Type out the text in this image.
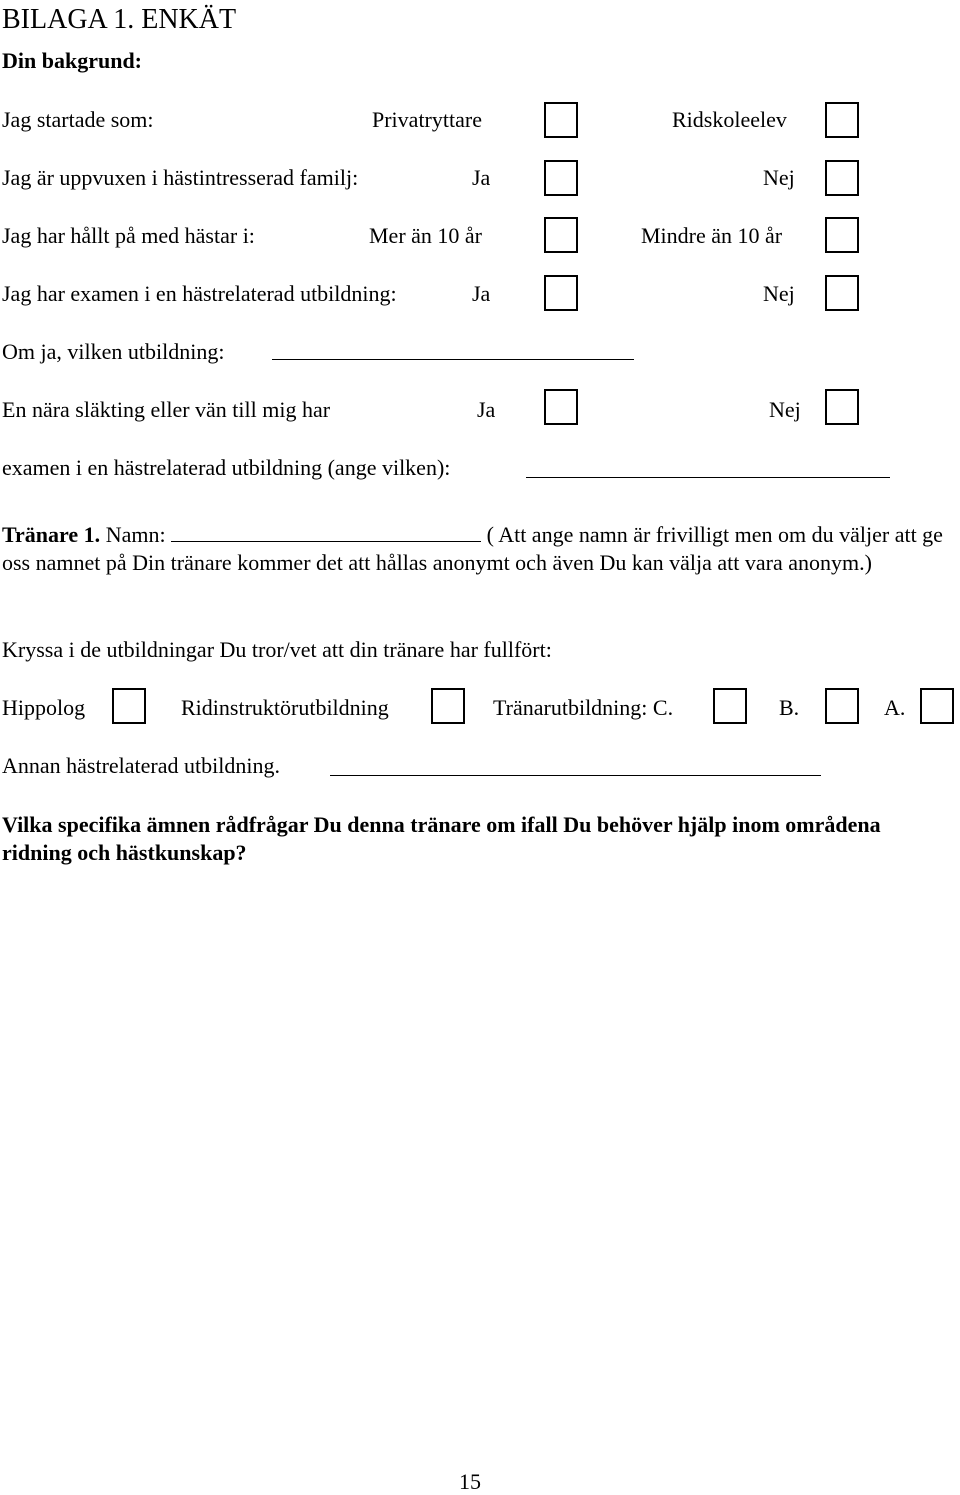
BILAGA 1. ENKÄT
Din bakgrund:
Jag startade som:	Privatryttare	Ridskoleelev
Jag är uppvuxen i hästintresserad familj:	Ja	Nej
Jag har hållt på med hästar i:	Mer än 10 år	Mindre än 10 år
Jag har examen i en hästrelaterad utbildning:	Ja	Nej
Om ja, vilken utbildning:
En nära släkting eller vän till mig har	Ja	Nej
examen i en hästrelaterad utbildning (ange vilken):
Tränare 1. Namn:	( Att ange namn är frivilligt men om du väljer att ge oss namnet på Din tränare kommer det att hållas anonymt och även Du kan välja att vara anonym.)
Kryssa i de utbildningar Du tror/vet att din tränare har fullfört:
Hippolog	Ridinstruktörutbildning	Tränarutbildning: C.	B.	A.
Annan hästrelaterad utbildning.
Vilka specifika ämnen rådfrågar Du denna tränare om ifall Du behöver hjälp inom områdena ridning och hästkunskap?
15
